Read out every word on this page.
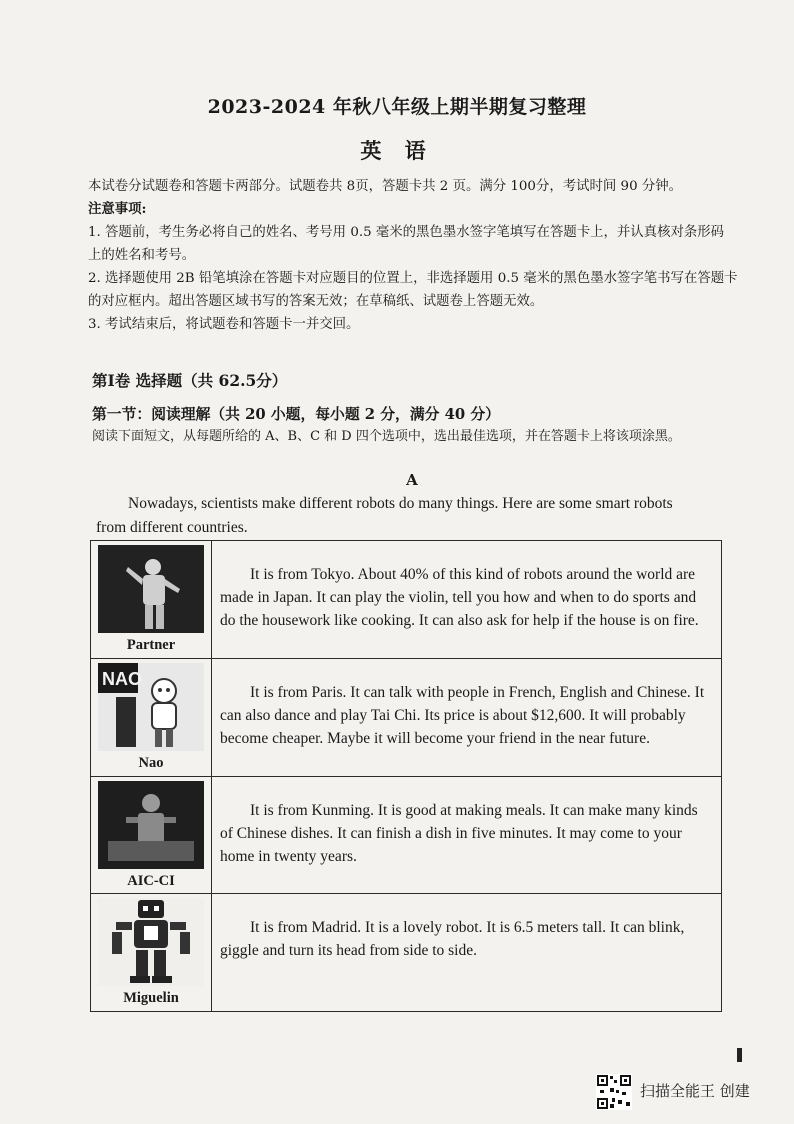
2023-2024 年秋八年级上期半期复习整理
英 语
本试卷分试题卷和答题卡两部分。试题卷共 8页，答题卡共 2 页。满分 100分，考试时间 90 分钟。
注意事项:
1. 答题前，考生务必将自己的姓名、考号用 0.5 毫米的黑色墨水签字笔填写在答题卡上，并认真核对条形码 上的姓名和考号。
2. 选择题使用 2B 铅笔填涂在答题卡对应题目的位置上，非选择题用 0.5 毫米的黑色墨水签字笔书写在答题卡的对应框内。超出答题区域书写的答案无效；在草稿纸、试题卷上答题无效。
3. 考试结束后，将试题卷和答题卡一并交回。
第Ⅰ卷 选择题（共 62.5分）
第一节：阅读理解（共 20 小题，每小题 2 分，满分 40 分）
阅读下面短文，从每题所给的 A、B、C 和 D 四个选项中，选出最佳选项，并在答题卡上将该项涂黑。
A
Nowadays, scientists make different robots do many things. Here are some smart robots from different countries.
Partner	It is from Tokyo. About 40% of this kind of robots around the world are made in Japan. It can play the violin, tell you how and when to do sports and do the housework like cooking. It can also ask for help if the house is on fire.

NAO
Nao	It is from Paris. It can talk with people in French, English and Chinese. It can also dance and play Tai Chi. Its price is about $12,600. It will probably become cheaper. Maybe it will become your friend in the near future.

AIC-CI	It is from Kunming. It is good at making meals. It can make many kinds of Chinese dishes. It can finish a dish in five minutes. It may come to your home in twenty years.

Miguelin	It is from Madrid. It is a lovely robot. It is 6.5 meters tall. It can blink, giggle and turn its head from side to side.
扫描全能王 创建
